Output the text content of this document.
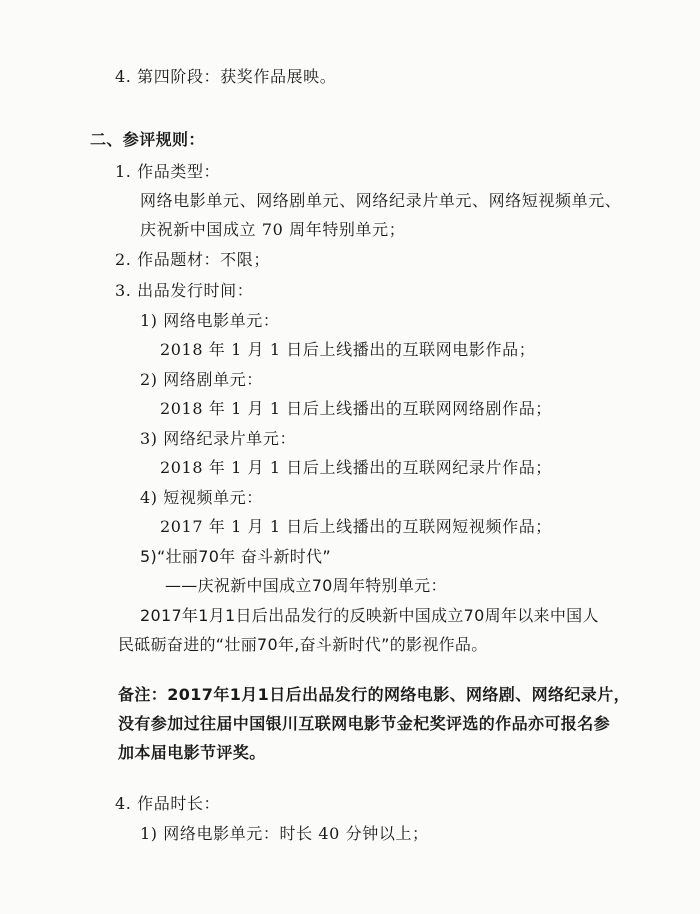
4. 第四阶段：获奖作品展映。

二、参评规则：

1. 作品类型：

网络电影单元、网络剧单元、网络纪录片单元、网络短视频单元、

庆祝新中国成立 70 周年特别单元；

2. 作品题材：不限；

3. 出品发行时间：

1) 网络电影单元：

2018 年 1 月 1 日后上线播出的互联网电影作品；

2) 网络剧单元：

2018 年 1 月 1 日后上线播出的互联网网络剧作品；

3) 网络纪录片单元：

2018 年 1 月 1 日后上线播出的互联网纪录片作品；

4) 短视频单元：

2017 年 1 月 1 日后上线播出的互联网短视频作品；

5)“壮丽70年 奋斗新时代”

——庆祝新中国成立70周年特别单元：

2017年1月1日后出品发行的反映新中国成立70周年以来中国人

民砥砺奋进的“壮丽70年,奋斗新时代”的影视作品。

备注：2017年1月1日后出品发行的网络电影、网络剧、网络纪录片，

没有参加过往届中国银川互联网电影节金杞奖评选的作品亦可报名参

加本届电影节评奖。

4. 作品时长：

1) 网络电影单元：时长 40 分钟以上；
